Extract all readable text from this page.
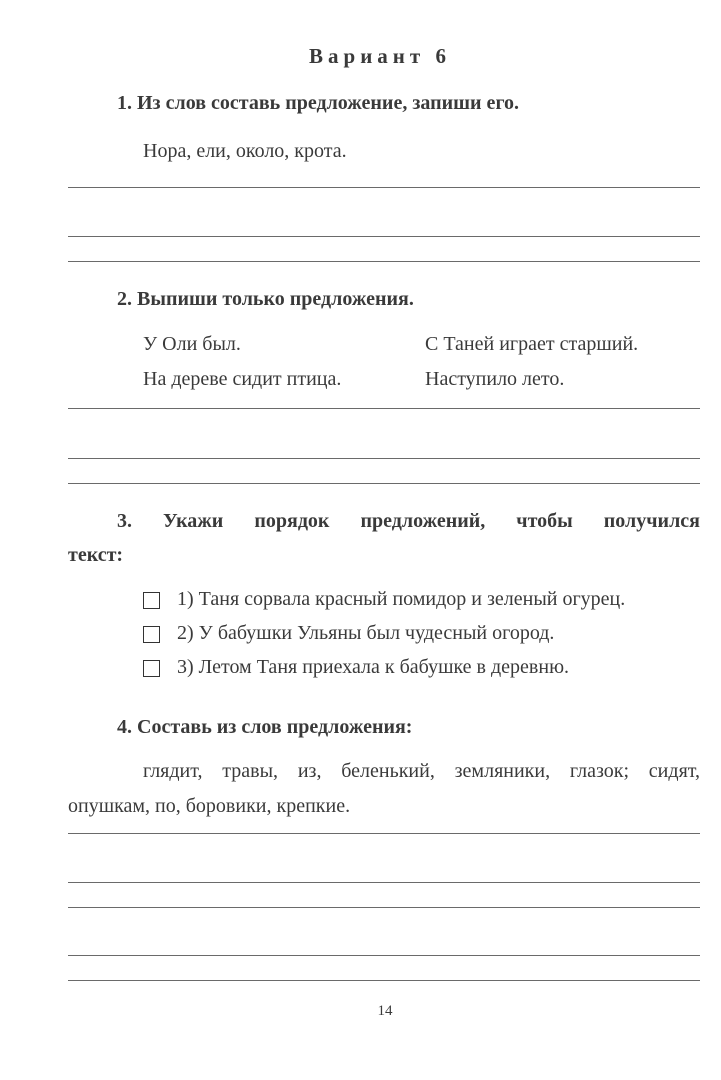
Вариант 6
1. Из слов составь предложение, запиши его.
Нора, ели, около, крота.
2. Выпиши только предложения.
У Оли был.	С Таней играет старший.
На дереве сидит птица.	Наступило лето.
3. Укажи порядок предложений, чтобы получился
текст:
1) Таня сорвала красный помидор и зеленый огурец.
2) У бабушки Ульяны был чудесный огород.
3) Летом Таня приехала к бабушке в деревню.
4. Составь из слов предложения:
глядит, травы, из, беленький, земляники, глазок; сидят,
опушкам, по, боровики, крепкие.
14
